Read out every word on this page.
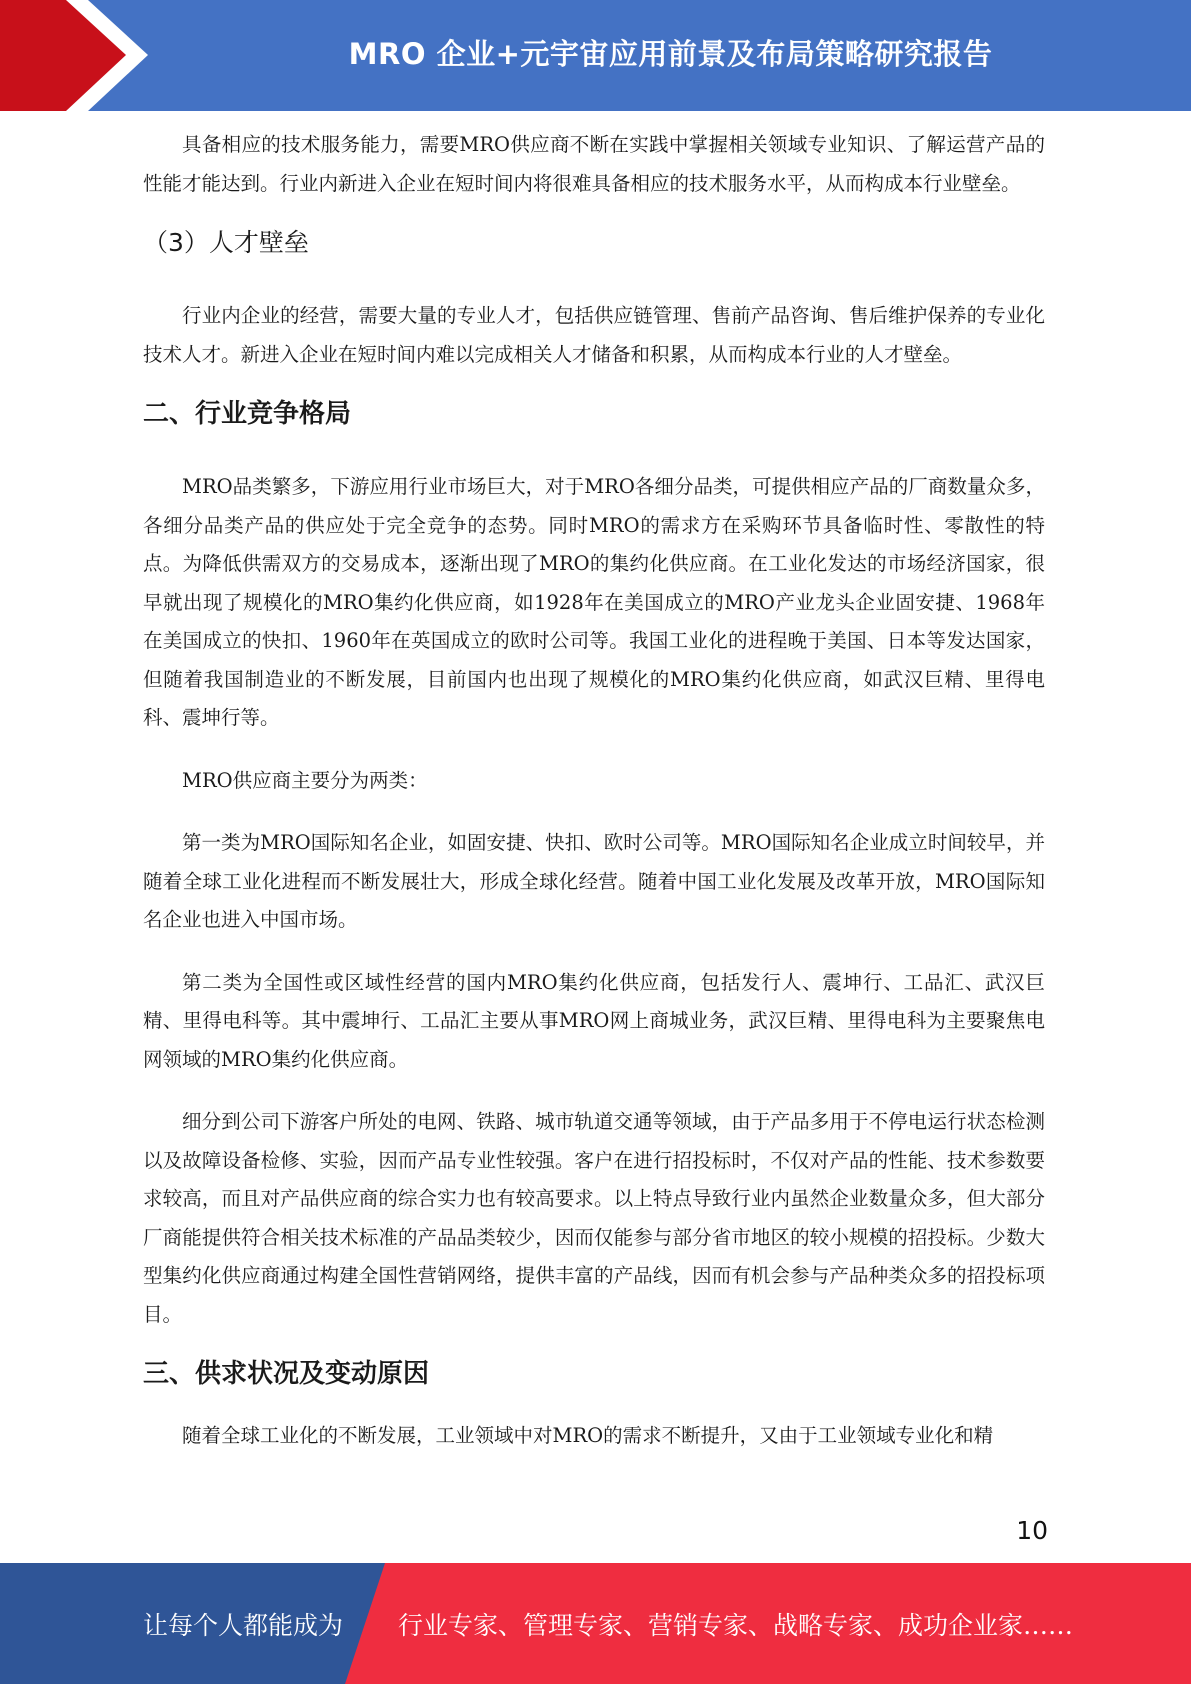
MRO 企业+元宇宙应用前景及布局策略研究报告

具备相应的技术服务能力，需要MRO供应商不断在实践中掌握相关领域专业知识、了解运营产品的性能才能达到。行业内新进入企业在短时间内将很难具备相应的技术服务水平，从而构成本行业壁垒。

（3）人才壁垒

行业内企业的经营，需要大量的专业人才，包括供应链管理、售前产品咨询、售后维护保养的专业化技术人才。新进入企业在短时间内难以完成相关人才储备和积累，从而构成本行业的人才壁垒。

二、行业竞争格局

MRO品类繁多，下游应用行业市场巨大，对于MRO各细分品类，可提供相应产品的厂商数量众多，各细分品类产品的供应处于完全竞争的态势。同时MRO的需求方在采购环节具备临时性、零散性的特点。为降低供需双方的交易成本，逐渐出现了MRO的集约化供应商。在工业化发达的市场经济国家，很早就出现了规模化的MRO集约化供应商，如1928年在美国成立的MRO产业龙头企业固安捷、1968年在美国成立的快扣、1960年在英国成立的欧时公司等。我国工业化的进程晚于美国、日本等发达国家，但随着我国制造业的不断发展，目前国内也出现了规模化的MRO集约化供应商，如武汉巨精、里得电科、震坤行等。

MRO供应商主要分为两类：

第一类为MRO国际知名企业，如固安捷、快扣、欧时公司等。MRO国际知名企业成立时间较早，并随着全球工业化进程而不断发展壮大，形成全球化经营。随着中国工业化发展及改革开放，MRO国际知名企业也进入中国市场。

第二类为全国性或区域性经营的国内MRO集约化供应商，包括发行人、震坤行、工品汇、武汉巨精、里得电科等。其中震坤行、工品汇主要从事MRO网上商城业务，武汉巨精、里得电科为主要聚焦电网领域的MRO集约化供应商。

细分到公司下游客户所处的电网、铁路、城市轨道交通等领域，由于产品多用于不停电运行状态检测以及故障设备检修、实验，因而产品专业性较强。客户在进行招投标时，不仅对产品的性能、技术参数要求较高，而且对产品供应商的综合实力也有较高要求。以上特点导致行业内虽然企业数量众多，但大部分厂商能提供符合相关技术标准的产品品类较少，因而仅能参与部分省市地区的较小规模的招投标。少数大型集约化供应商通过构建全国性营销网络，提供丰富的产品线，因而有机会参与产品种类众多的招投标项目。

三、供求状况及变动原因

随着全球工业化的不断发展，工业领域中对MRO的需求不断提升，又由于工业领域专业化和精

10
让每个人都能成为 行业专家、管理专家、营销专家、战略专家、成功企业家……
